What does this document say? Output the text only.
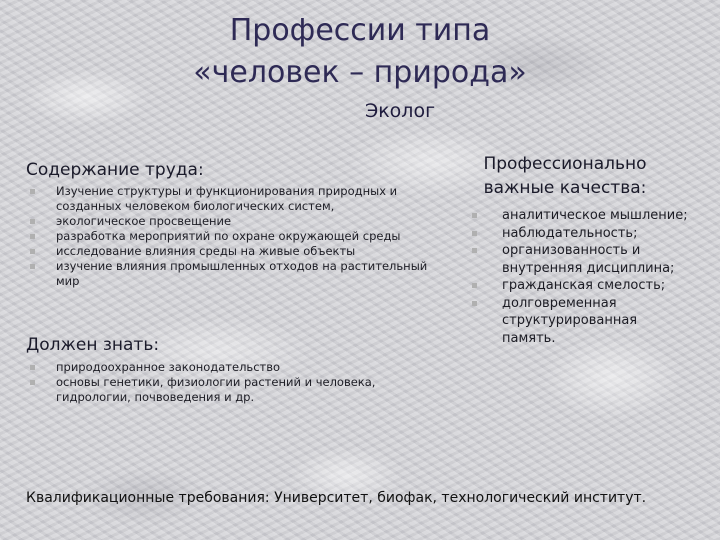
Профессии типа
«человек – природа»
Эколог
Содержание труда:
Изучение структуры и функционирования природных и созданных человеком биологических систем,
экологическое просвещение
разработка мероприятий по охране окружающей среды
исследование влияния среды на живые объекты
изучение влияния промышленных отходов на растительный мир
Должен знать:
природоохранное законодательство
основы генетики, физиологии растений и человека, гидрологии, почвоведения и др.
Профессионально
важные качества:
аналитическое мышление;
наблюдательность;
организованность и внутренняя дисциплина;
гражданская смелость;
долговременная структурированная память.
Квалификационные требования: Университет, биофак, технологический институт.
